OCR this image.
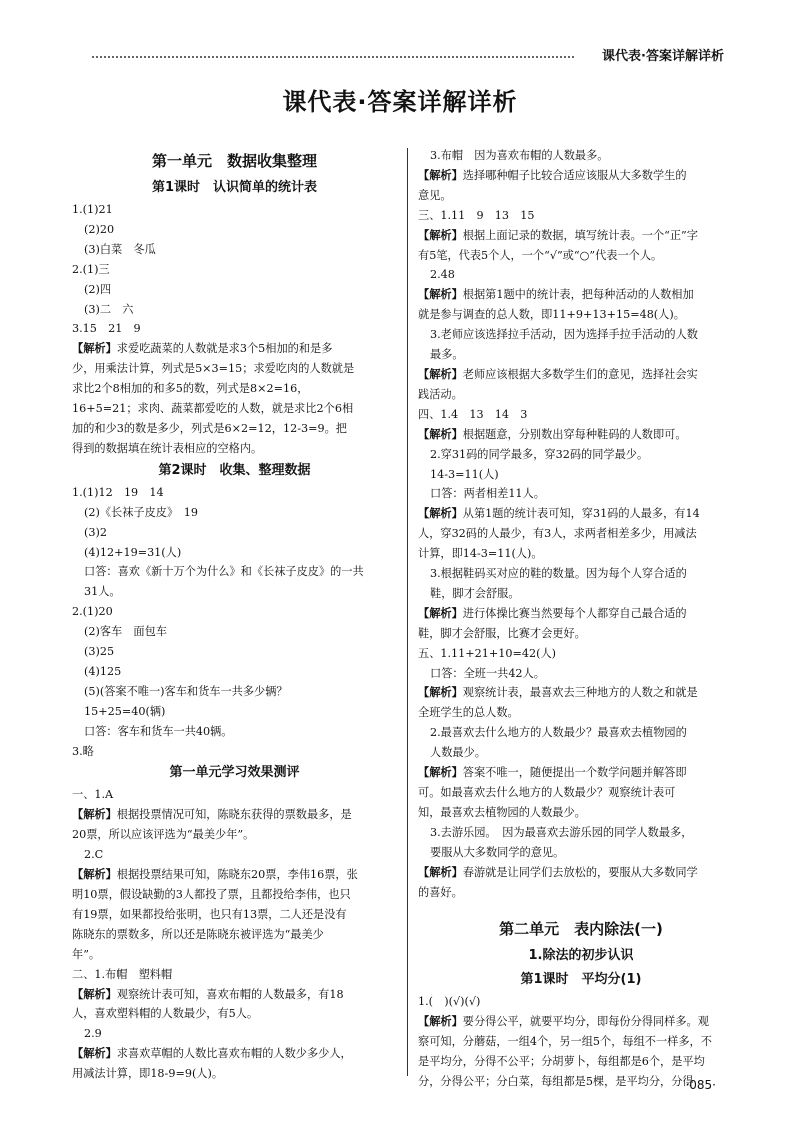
课代表·答案详解详析
课代表·答案详解详析
第一单元　数据收集整理
第1课时　认识简单的统计表
1.(1)21
(2)20
(3)白菜　冬瓜
2.(1)三
(2)四
(3)二　六
3.15　21　9
【解析】求爱吃蔬菜的人数就是求3个5相加的和是多
少，用乘法计算，列式是5×3=15；求爱吃肉的人数就是
求比2个8相加的和多5的数，列式是8×2=16，
16+5=21；求肉、蔬菜都爱吃的人数，就是求比2个6相
加的和少3的数是多少，列式是6×2=12，12-3=9。把
得到的数据填在统计表相应的空格内。
第2课时　收集、整理数据
1.(1)12　19　14
(2)《长袜子皮皮》　19
(3)2
(4)12+19=31(人)
口答：喜欢《新十万个为什么》和《长袜子皮皮》的一共
31人。
2.(1)20
(2)客车　面包车
(3)25
(4)125
(5)(答案不唯一)客车和货车一共多少辆？
15+25=40(辆)
口答：客车和货车一共40辆。
3.略
第一单元学习效果测评
一、1.A
【解析】根据投票情况可知，陈晓东获得的票数最多，是
20票，所以应该评选为“最美少年”。
2.C
【解析】根据投票结果可知，陈晓东20票，李伟16票，张
明10票，假设缺勤的3人都投了票，且都投给李伟，也只
有19票，如果都投给张明，也只有13票，二人还是没有
陈晓东的票数多，所以还是陈晓东被评选为“最美少
年”。
二、1.布帽　塑料帽
【解析】观察统计表可知，喜欢布帽的人数最多，有18
人，喜欢塑料帽的人数最少，有5人。
2.9
【解析】求喜欢草帽的人数比喜欢布帽的人数少多少人，
用减法计算，即18-9=9(人)。
3.布帽　因为喜欢布帽的人数最多。
【解析】选择哪种帽子比较合适应该服从大多数学生的
意见。
三、1.11　9　13　15
【解析】根据上面记录的数据，填写统计表。一个“正”字
有5笔，代表5个人，一个“√”或“○”代表一个人。
2.48
【解析】根据第1题中的统计表，把每种活动的人数相加
就是参与调查的总人数，即11+9+13+15=48(人)。
3.老师应该选择拉手活动，因为选择手拉手活动的人数
最多。
【解析】老师应该根据大多数学生们的意见，选择社会实
践活动。
四、1.4　13　14　3
【解析】根据题意，分别数出穿每种鞋码的人数即可。
2.穿31码的同学最多，穿32码的同学最少。
14-3=11(人)
口答：两者相差11人。
【解析】从第1题的统计表可知，穿31码的人最多，有14
人，穿32码的人最少，有3人，求两者相差多少，用减法
计算，即14-3=11(人)。
3.根据鞋码买对应的鞋的数量。因为每个人穿合适的
鞋，脚才会舒服。
【解析】进行体操比赛当然要每个人都穿自己最合适的
鞋，脚才会舒服，比赛才会更好。
五、1.11+21+10=42(人)
口答：全班一共42人。
【解析】观察统计表，最喜欢去三种地方的人数之和就是
全班学生的总人数。
2.最喜欢去什么地方的人数最少？最喜欢去植物园的
人数最少。
【解析】答案不唯一，随便提出一个数学问题并解答即
可。如最喜欢去什么地方的人数最少？观察统计表可
知，最喜欢去植物园的人数最少。
3.去游乐园。　因为最喜欢去游乐园的同学人数最多，
要服从大多数同学的意见。
【解析】春游就是让同学们去放松的，要服从大多数同学
的喜好。
第二单元　表内除法(一)
1.除法的初步认识
第1课时　平均分(1)
1.(　)(√)(√)
【解析】要分得公平，就要平均分，即每份分得同样多。观
察可知，分蘑菇，一组4个，另一组5个，每组不一样多，不
是平均分，分得不公平；分胡萝卜，每组都是6个，是平均
分，分得公平；分白菜，每组都是5棵，是平均分，分得
·085·
